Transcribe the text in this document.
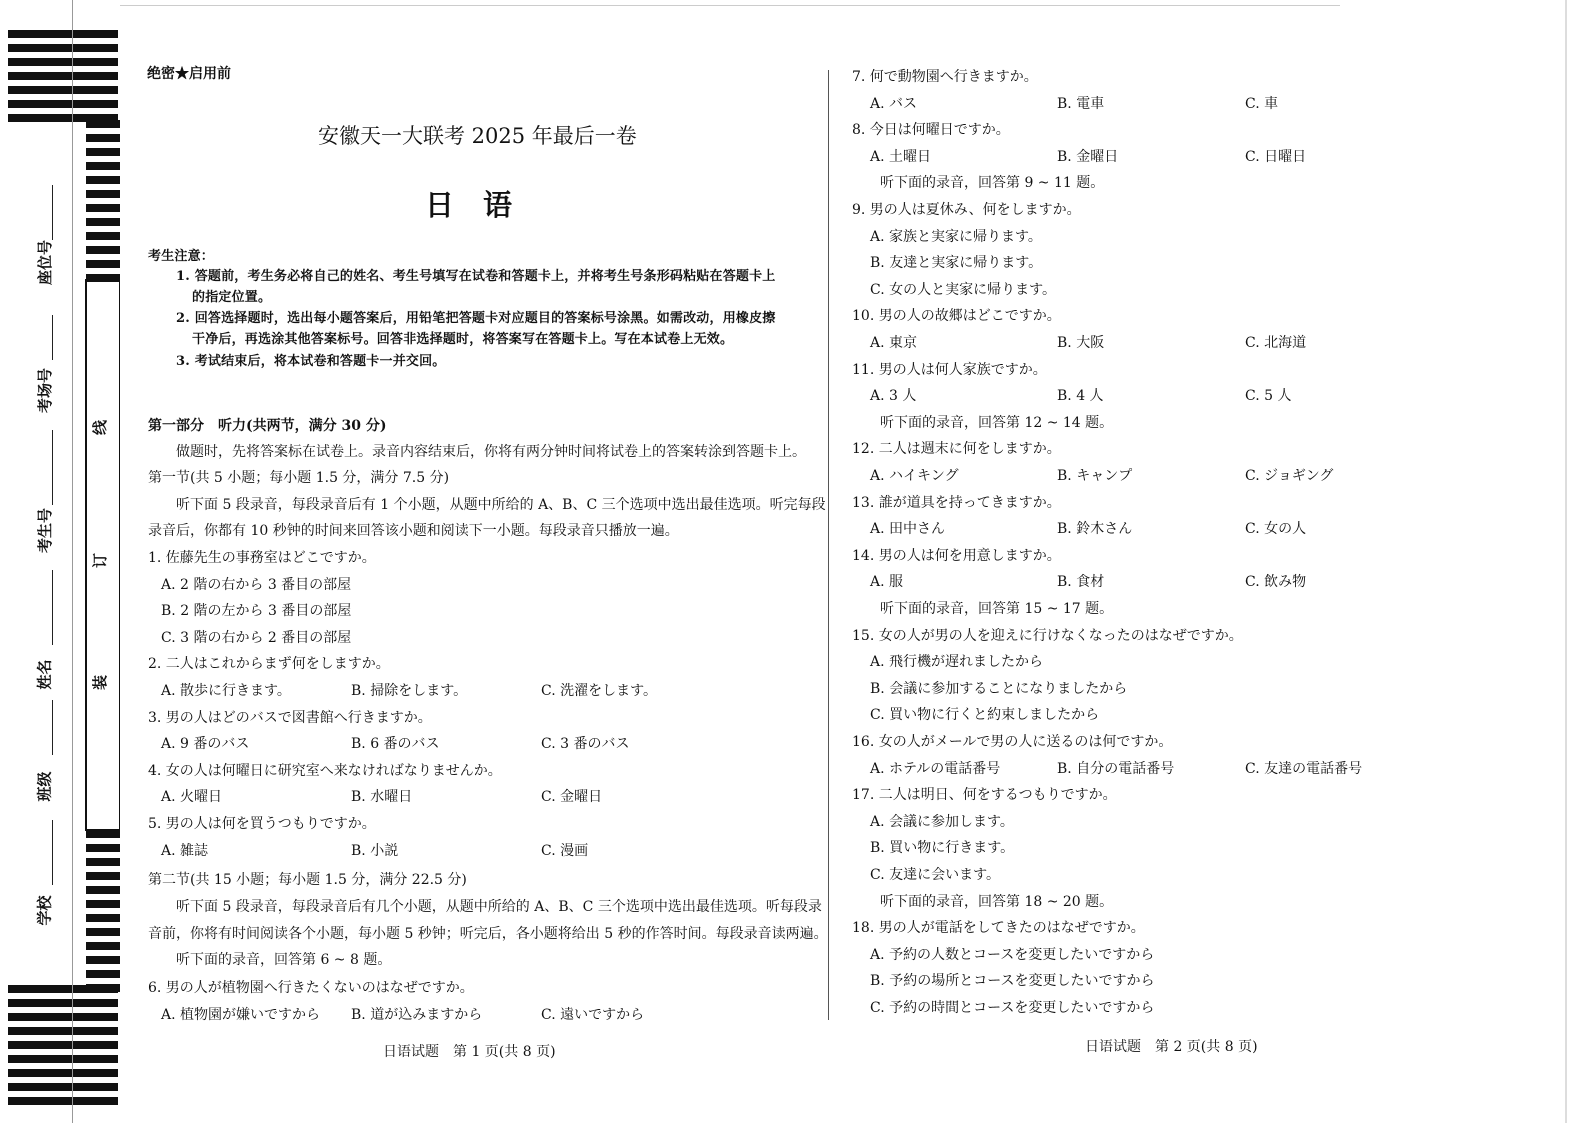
座位号
考场号
考生号
姓名
班级
学校
线
订
装
绝密★启用前
安徽天一大联考 2025 年最后一卷
日　语
考生注意：
1. 答题前，考生务必将自己的姓名、考生号填写在试卷和答题卡上，并将考生号条形码粘贴在答题卡上
的指定位置。
2. 回答选择题时，选出每小题答案后，用铅笔把答题卡对应题目的答案标号涂黑。如需改动，用橡皮擦
干净后，再选涂其他答案标号。回答非选择题时，将答案写在答题卡上。写在本试卷上无效。
3. 考试结束后，将本试卷和答题卡一并交回。
第一部分　听力(共两节，满分 30 分)
做题时，先将答案标在试卷上。录音内容结束后，你将有两分钟时间将试卷上的答案转涂到答题卡上。
第一节(共 5 小题；每小题 1.5 分，满分 7.5 分)
听下面 5 段录音，每段录音后有 1 个小题，从题中所给的 A、B、C 三个选项中选出最佳选项。听完每段
录音后，你都有 10 秒钟的时间来回答该小题和阅读下一小题。每段录音只播放一遍。
1. 佐藤先生の事務室はどこですか。
A. 2 階の右から 3 番目の部屋
B. 2 階の左から 3 番目の部屋
C. 3 階の右から 2 番目の部屋
2. 二人はこれからまず何をしますか。
A. 散歩に行きます。	B. 掃除をします。	C. 洗濯をします。
3. 男の人はどのバスで図書館へ行きますか。
A. 9 番のバス	B. 6 番のバス	C. 3 番のバス
4. 女の人は何曜日に研究室へ来なければなりませんか。
A. 火曜日	B. 水曜日	C. 金曜日
5. 男の人は何を買うつもりですか。
A. 雑誌	B. 小説	C. 漫画
第二节(共 15 小题；每小题 1.5 分，满分 22.5 分)
听下面 5 段录音，每段录音后有几个小题，从题中所给的 A、B、C 三个选项中选出最佳选项。听每段录
音前，你将有时间阅读各个小题，每小题 5 秒钟；听完后，各小题将给出 5 秒的作答时间。每段录音读两遍。
听下面的录音，回答第 6 ~ 8 题。
6. 男の人が植物園へ行きたくないのはなぜですか。
A. 植物園が嫌いですから B. 道が込みますから	C. 遠いですから
日语试题　第 1 页(共 8 页)
7. 何で動物園へ行きますか。
A. バス	B. 電車	C. 車
8. 今日は何曜日ですか。
A. 土曜日	B. 金曜日	C. 日曜日
听下面的录音，回答第 9 ~ 11 题。
9. 男の人は夏休み、何をしますか。
A. 家族と実家に帰ります。
B. 友達と実家に帰ります。
C. 女の人と実家に帰ります。
10. 男の人の故郷はどこですか。
A. 東京	B. 大阪	C. 北海道
11. 男の人は何人家族ですか。
A. 3 人	B. 4 人	C. 5 人
听下面的录音，回答第 12 ~ 14 题。
12. 二人は週末に何をしますか。
A. ハイキング	B. キャンプ	C. ジョギング
13. 誰が道具を持ってきますか。
A. 田中さん	B. 鈴木さん	C. 女の人
14. 男の人は何を用意しますか。
A. 服	B. 食材	C. 飲み物
听下面的录音，回答第 15 ~ 17 题。
15. 女の人が男の人を迎えに行けなくなったのはなぜですか。
A. 飛行機が遅れましたから
B. 会議に参加することになりましたから
C. 買い物に行くと約束しましたから
16. 女の人がメールで男の人に送るのは何ですか。
A. ホテルの電話番号	B. 自分の電話番号	C. 友達の電話番号
17. 二人は明日、何をするつもりですか。
A. 会議に参加します。
B. 買い物に行きます。
C. 友達に会います。
听下面的录音，回答第 18 ~ 20 题。
18. 男の人が電話をしてきたのはなぜですか。
A. 予約の人数とコースを変更したいですから
B. 予約の場所とコースを変更したいですから
C. 予約の時間とコースを変更したいですから
日语试题　第 2 页(共 8 页)
